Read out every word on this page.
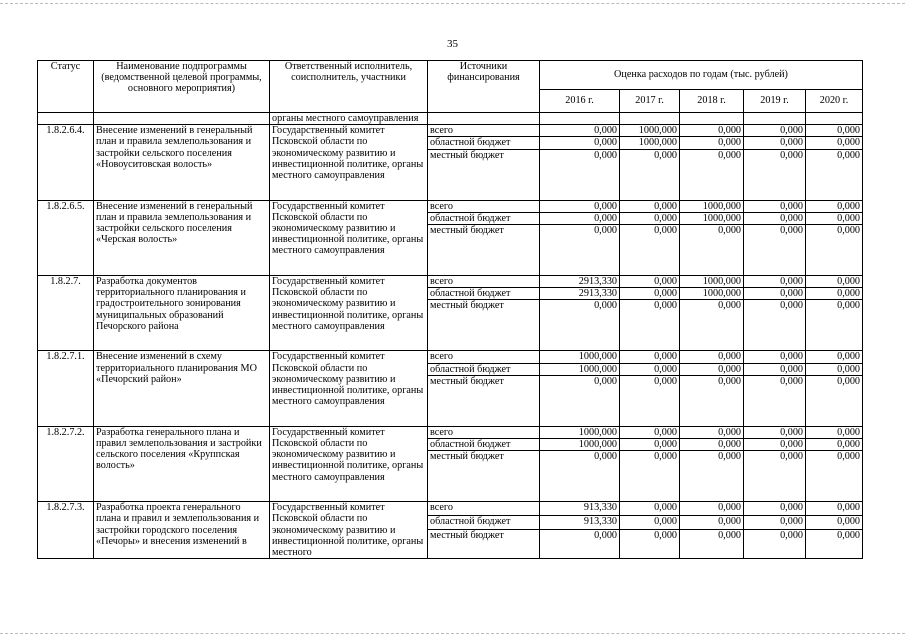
35
Статус	Наименование подпрограммы (ведомственной целевой программы, основного мероприятия)	Ответственный исполнитель, соисполнитель, участники	Источники финансирования	Оценка расходов по годам (тыс. рублей)				
				2016 г.	2017 г.	2018 г.	2019 г.	2020 г.
		органы местного самоуправления						
1.8.2.6.4.	Внесение изменений в генеральный план и правила землепользования и застройки сельского поселения «Новоуситовская волость»	Государственный комитет Псковской области по экономическому развитию и инвестиционной политике, органы местного самоуправления	всего	0,000	1000,000	0,000	0,000	0,000
			областной бюджет	0,000	1000,000	0,000	0,000	0,000
			местный бюджет	0,000	0,000	0,000	0,000	0,000
1.8.2.6.5.	Внесение изменений в генеральный план и правила землепользования и застройки сельского поселения «Черская волость»	Государственный комитет Псковской области по экономическому развитию и инвестиционной политике, органы местного самоуправления	всего	0,000	0,000	1000,000	0,000	0,000
			областной бюджет	0,000	0,000	1000,000	0,000	0,000
			местный бюджет	0,000	0,000	0,000	0,000	0,000
1.8.2.7.	Разработка документов территориального планирования и градостроительного зонирования муниципальных образований Печорского района	Государственный комитет Псковской области по экономическому развитию и инвестиционной политике, органы местного самоуправления	всего	2913,330	0,000	1000,000	0,000	0,000
			областной бюджет	2913,330	0,000	1000,000	0,000	0,000
			местный бюджет	0,000	0,000	0,000	0,000	0,000
1.8.2.7.1.	Внесение изменений в схему территориального планирования МО «Печорский район»	Государственный комитет Псковской области по экономическому развитию и инвестиционной политике, органы местного самоуправления	всего	1000,000	0,000	0,000	0,000	0,000
			областной бюджет	1000,000	0,000	0,000	0,000	0,000
			местный бюджет	0,000	0,000	0,000	0,000	0,000
1.8.2.7.2.	Разработка генерального плана и правил землепользования и застройки сельского поселения «Круппская волость»	Государственный комитет Псковской области по экономическому развитию и инвестиционной политике, органы местного самоуправления	всего	1000,000	0,000	0,000	0,000	0,000
			областной бюджет	1000,000	0,000	0,000	0,000	0,000
			местный бюджет	0,000	0,000	0,000	0,000	0,000
1.8.2.7.3.	Разработка проекта генерального плана и правил и землепользования и застройки городского поселения «Печоры» и внесения изменений в	Государственный комитет Псковской области по экономическому развитию и инвестиционной политике, органы местного	всего	913,330	0,000	0,000	0,000	0,000
			областной бюджет	913,330	0,000	0,000	0,000	0,000
			местный бюджет	0,000	0,000	0,000	0,000	0,000
